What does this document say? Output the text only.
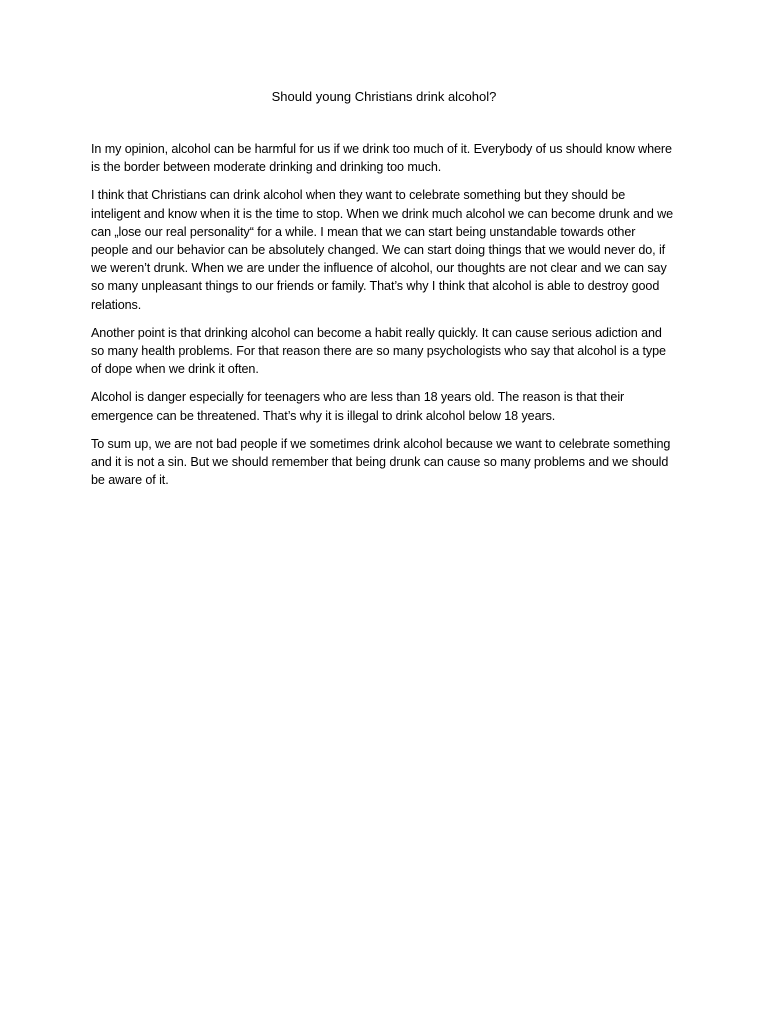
Should young Christians drink alcohol?

In my opinion, alcohol can be harmful for us if we drink too much of it. Everybody of us should know where is the border between moderate drinking and drinking too much.

I think that Christians can drink alcohol when they want to celebrate something but they should be inteligent and know when it is the time to stop. When we drink much alcohol we can become drunk and we can „lose our real personality“ for a while. I mean that we can start being unstandable towards other people and our behavior can be absolutely changed. We can start doing things that we would never do, if we weren’t drunk. When we are under the influence of alcohol, our thoughts are not clear and we can say so many unpleasant things to our friends or family. That’s why I think that alcohol is able to destroy good relations.

Another point is that drinking alcohol can become a habit really quickly. It can cause serious adiction and so many health problems. For that reason there are so many psychologists who say that alcohol is a type of dope when we drink it often.

Alcohol is danger especially for teenagers who are less than 18 years old. The reason is that their emergence can be threatened. That’s why it is illegal to drink alcohol below 18 years.

To sum up, we are not bad people if we sometimes drink alcohol because we want to celebrate something and it is not a sin. But we should remember that being drunk can cause so many problems and we should be aware of it.
